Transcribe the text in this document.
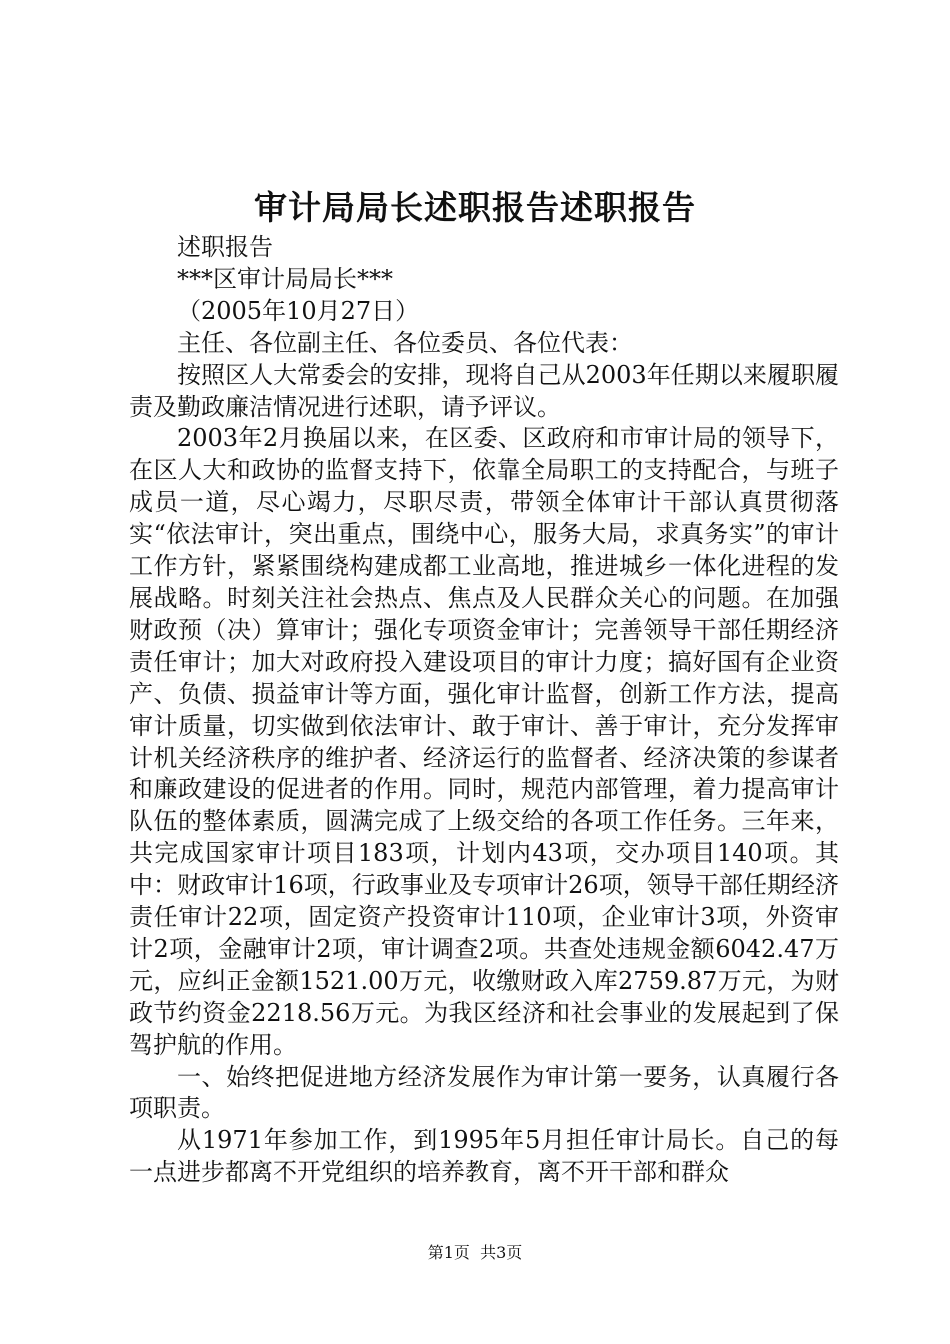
审计局局长述职报告述职报告

述职报告

***区审计局局长***

（2005年10月27日）

主任、各位副主任、各位委员、各位代表：

按照区人大常委会的安排，现将自己从2003年任期以来履职履责及勤政廉洁情况进行述职，请予评议。

2003年2月换届以来，在区委、区政府和市审计局的领导下，在区人大和政协的监督支持下，依靠全局职工的支持配合，与班子成员一道，尽心竭力，尽职尽责，带领全体审计干部认真贯彻落实“依法审计，突出重点，围绕中心，服务大局，求真务实”的审计工作方针，紧紧围绕构建成都工业高地，推进城乡一体化进程的发展战略。时刻关注社会热点、焦点及人民群众关心的问题。在加强财政预（决）算审计；强化专项资金审计；完善领导干部任期经济责任审计；加大对政府投入建设项目的审计力度；搞好国有企业资产、负债、损益审计等方面，强化审计监督，创新工作方法，提高审计质量，切实做到依法审计、敢于审计、善于审计，充分发挥审计机关经济秩序的维护者、经济运行的监督者、经济决策的参谋者和廉政建设的促进者的作用。同时，规范内部管理，着力提高审计队伍的整体素质，圆满完成了上级交给的各项工作任务。三年来，共完成国家审计项目183项，计划内43项，交办项目140项。其中：财政审计16项，行政事业及专项审计26项，领导干部任期经济责任审计22项，固定资产投资审计110项，企业审计3项，外资审计2项，金融审计2项，审计调查2项。共查处违规金额6042.47万元，应纠正金额1521.00万元，收缴财政入库2759.87万元，为财政节约资金2218.56万元。为我区经济和社会事业的发展起到了保驾护航的作用。

一、始终把促进地方经济发展作为审计第一要务，认真履行各项职责。

从1971年参加工作，到1995年5月担任审计局长。自己的每一点进步都离不开党组织的培养教育，离不开干部和群众

第1页  共3页
